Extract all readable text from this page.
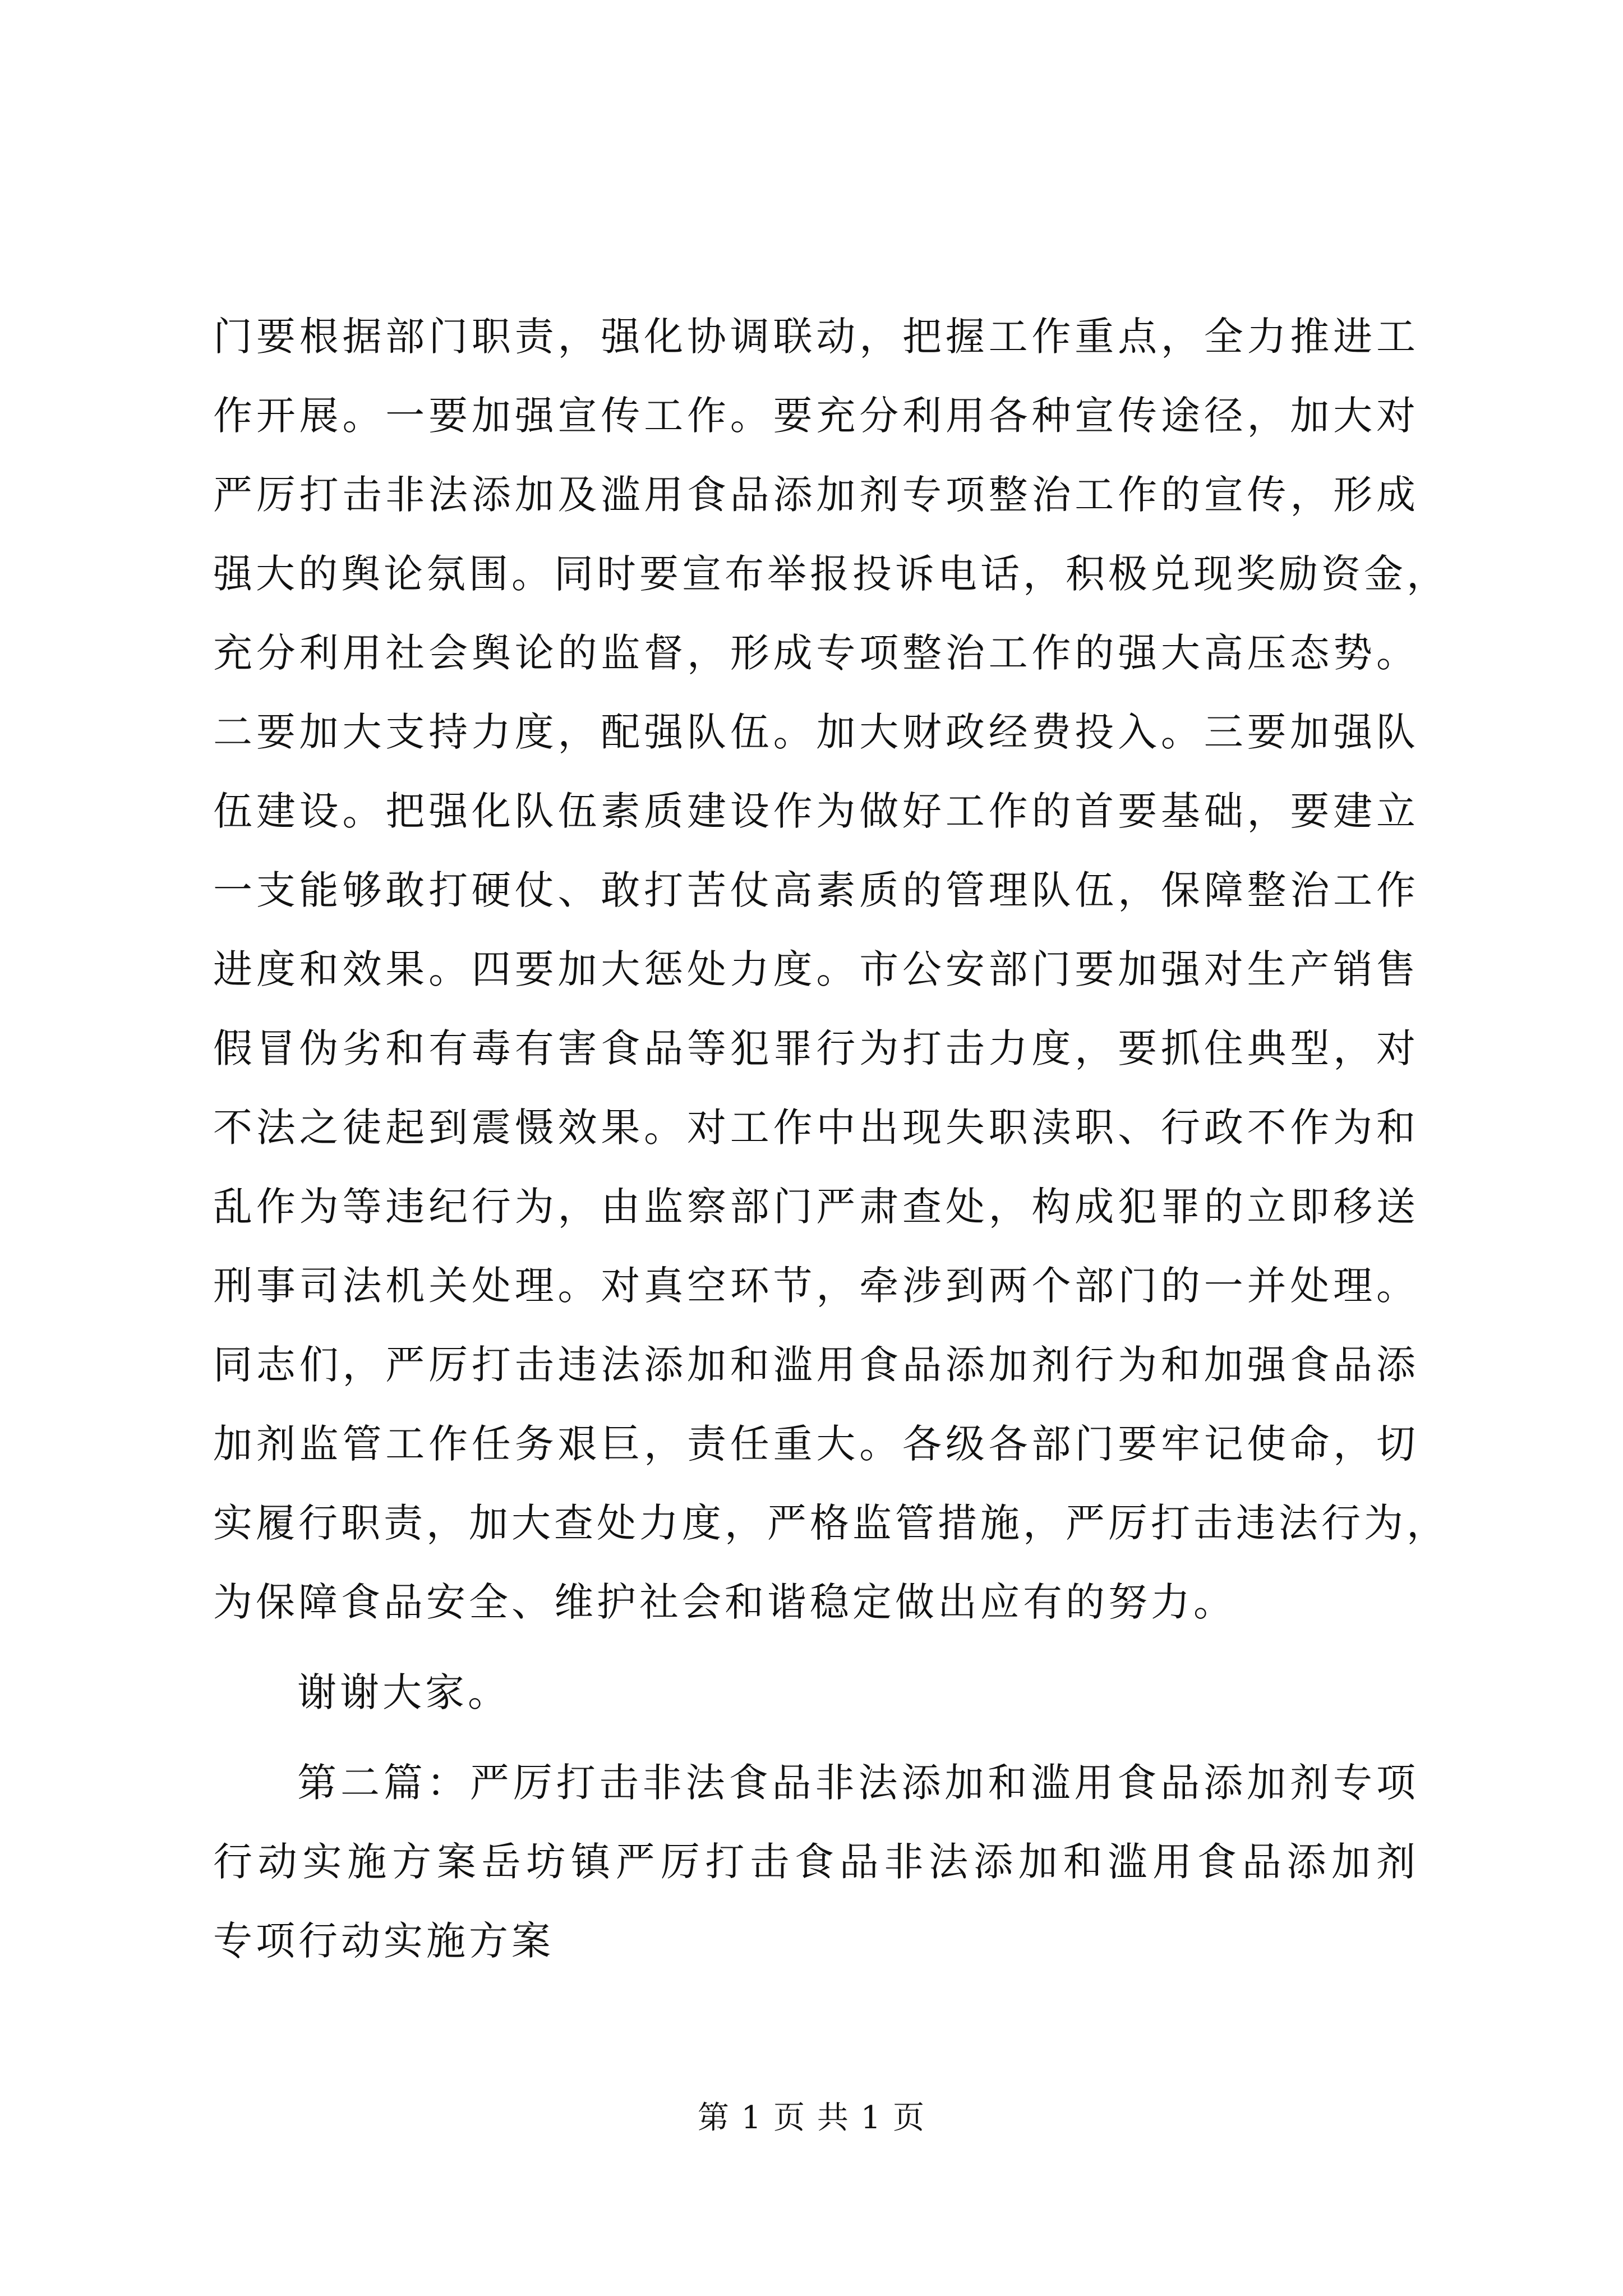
门要根据部门职责，强化协调联动，把握工作重点，全力推进工
作开展。一要加强宣传工作。要充分利用各种宣传途径，加大对
严厉打击非法添加及滥用食品添加剂专项整治工作的宣传，形成
强大的舆论氛围。同时要宣布举报投诉电话，积极兑现奖励资金，
充分利用社会舆论的监督，形成专项整治工作的强大高压态势。
二要加大支持力度，配强队伍。加大财政经费投入。三要加强队
伍建设。把强化队伍素质建设作为做好工作的首要基础，要建立
一支能够敢打硬仗、敢打苦仗高素质的管理队伍，保障整治工作
进度和效果。四要加大惩处力度。市公安部门要加强对生产销售
假冒伪劣和有毒有害食品等犯罪行为打击力度，要抓住典型，对
不法之徒起到震慑效果。对工作中出现失职渎职、行政不作为和
乱作为等违纪行为，由监察部门严肃查处，构成犯罪的立即移送
刑事司法机关处理。对真空环节，牵涉到两个部门的一并处理。
同志们，严厉打击违法添加和滥用食品添加剂行为和加强食品添
加剂监管工作任务艰巨，责任重大。各级各部门要牢记使命，切
实履行职责，加大查处力度，严格监管措施，严厉打击违法行为，
为保障食品安全、维护社会和谐稳定做出应有的努力。
谢谢大家。
第二篇：严厉打击非法食品非法添加和滥用食品添加剂专项
行动实施方案岳坊镇严厉打击食品非法添加和滥用食品添加剂
专项行动实施方案
第 1 页 共 1 页
